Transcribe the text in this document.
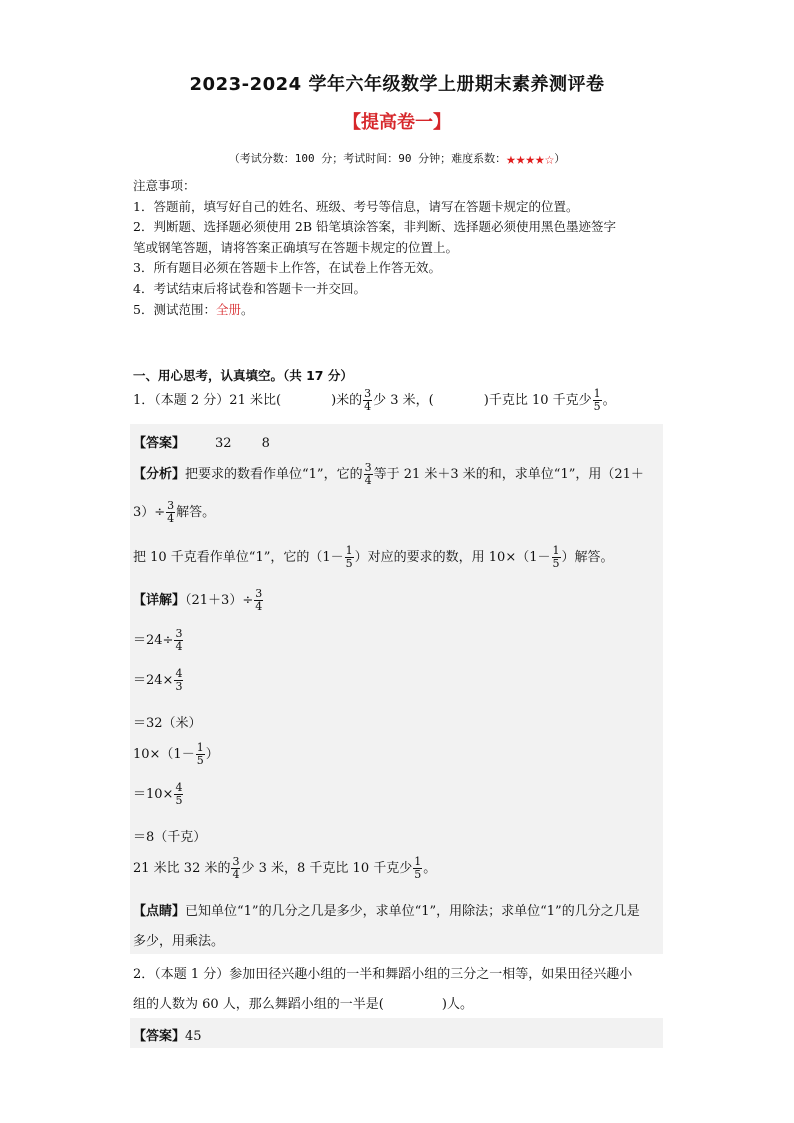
2023-2024 学年六年级数学上册期末素养测评卷
【提高卷一】
（考试分数：100 分；考试时间：90 分钟；难度系数：★★★★☆）
注意事项：
1．答题前，填写好自己的姓名、班级、考号等信息，请写在答题卡规定的位置。
2．判断题、选择题必须使用 2B 铅笔填涂答案，非判断、选择题必须使用黑色墨迹签字
笔或钢笔答题，请将答案正确填写在答题卡规定的位置上。
3．所有题目必须在答题卡上作答，在试卷上作答无效。
4．考试结束后将试卷和答题卡一并交回。
5．测试范围：全册。
一、用心思考，认真填空。（共 17 分）
1．（本题 2 分）21 米比(	)米的 $\frac{3}{4}$ 少 3 米，(	)千克比 10 千克少 $\frac{1}{5}$ 。
【答案】 32 8
【分析】把要求的数看作单位“1”，它的 $\frac{3}{4}$ 等于 21 米＋3 米的和，求单位“1”，用（21＋
$3)\div \frac{3}{4}$ 解答。
把 10 千克看作单位“1”，它的（$1- \frac{1}{5}$ ）对应的要求的数，用 $10\times(1- \frac{1}{5}$ ）解答。
【详解】$(21+3)\div \frac{3}{4}$
$=24\div \frac{3}{4}$
$=24\times \frac{4}{3}$
＝32（米）
$10\times(1- \frac{1}{5}$ ）
$=10\times \frac{4}{5}$
＝8（千克）
21 米比 32 米的 $\frac{3}{4}$ 少 3 米，8 千克比 10 千克少 $\frac{1}{5}$ 。
【点睛】已知单位“1”的几分之几是多少，求单位“1”，用除法；求单位“1”的几分之几是
多少，用乘法。
2．（本题 1 分）参加田径兴趣小组的一半和舞蹈小组的三分之一相等，如果田径兴趣小
组的人数为 60 人，那么舞蹈小组的一半是(	)人。
【答案】45
